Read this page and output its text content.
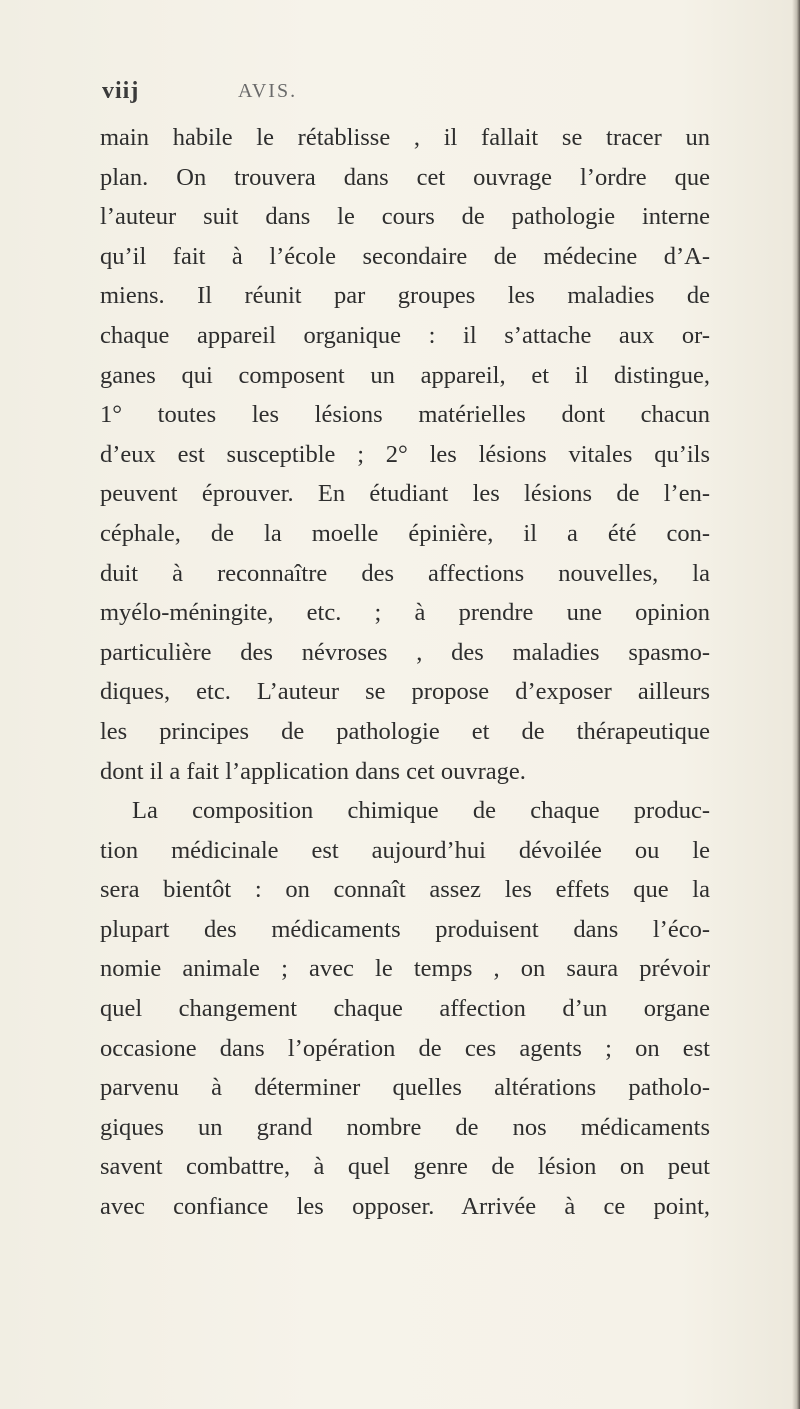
viij	AVIS.
main habile le rétablisse , il fallait se tracer un
plan. On trouvera dans cet ouvrage l’ordre que
l’auteur suit dans le cours de pathologie interne
qu’il fait à l’école secondaire de médecine d’A-
miens. Il réunit par groupes les maladies de
chaque appareil organique : il s’attache aux or-
ganes qui composent un appareil, et il distingue,
1° toutes les lésions matérielles dont chacun
d’eux est susceptible ; 2° les lésions vitales qu’ils
peuvent éprouver. En étudiant les lésions de l’en-
céphale, de la moelle épinière, il a été con-
duit à reconnaître des affections nouvelles, la
myélo-méningite, etc. ; à prendre une opinion
particulière des névroses , des maladies spasmo-
diques, etc. L’auteur se propose d’exposer ailleurs
les principes de pathologie et de thérapeutique
dont il a fait l’application dans cet ouvrage.
La composition chimique de chaque produc-
tion médicinale est aujourd’hui dévoilée ou le
sera bientôt : on connaît assez les effets que la
plupart des médicaments produisent dans l’éco-
nomie animale ; avec le temps , on saura prévoir
quel changement chaque affection d’un organe
occasione dans l’opération de ces agents ; on est
parvenu à déterminer quelles altérations patholo-
giques un grand nombre de nos médicaments
savent combattre, à quel genre de lésion on peut
avec confiance les opposer. Arrivée à ce point,
